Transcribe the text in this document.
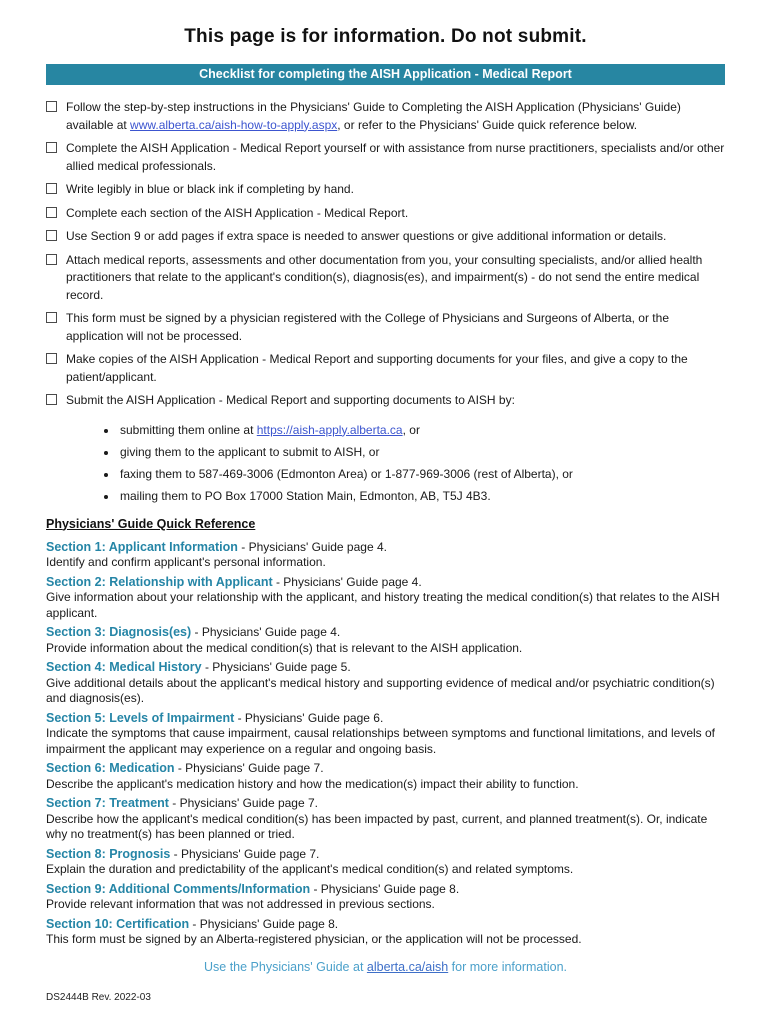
This page is for information. Do not submit.
Checklist for completing the AISH Application - Medical Report
Follow the step-by-step instructions in the Physicians' Guide to Completing the AISH Application (Physicians' Guide) available at www.alberta.ca/aish-how-to-apply.aspx, or refer to the Physicians' Guide quick reference below.
Complete the AISH Application - Medical Report yourself or with assistance from nurse practitioners, specialists and/or other allied medical professionals.
Write legibly in blue or black ink if completing by hand.
Complete each section of the AISH Application - Medical Report.
Use Section 9 or add pages if extra space is needed to answer questions or give additional information or details.
Attach medical reports, assessments and other documentation from you, your consulting specialists, and/or allied health practitioners that relate to the applicant's condition(s), diagnosis(es), and impairment(s) - do not send the entire medical record.
This form must be signed by a physician registered with the College of Physicians and Surgeons of Alberta, or the application will not be processed.
Make copies of the AISH Application - Medical Report and supporting documents for your files, and give a copy to the patient/applicant.
Submit the AISH Application - Medical Report and supporting documents to AISH by:
• submitting them online at https://aish-apply.alberta.ca, or
• giving them to the applicant to submit to AISH, or
• faxing them to 587-469-3006 (Edmonton Area) or 1-877-969-3006 (rest of Alberta), or
• mailing them to PO Box 17000 Station Main, Edmonton, AB, T5J 4B3.
Physicians' Guide Quick Reference
Section 1: Applicant Information - Physicians' Guide page 4.
Identify and confirm applicant's personal information.
Section 2: Relationship with Applicant - Physicians' Guide page 4.
Give information about your relationship with the applicant, and history treating the medical condition(s) that relates to the AISH applicant.
Section 3: Diagnosis(es) - Physicians' Guide page 4.
Provide information about the medical condition(s) that is relevant to the AISH application.
Section 4: Medical History - Physicians' Guide page 5.
Give additional details about the applicant's medical history and supporting evidence of medical and/or psychiatric condition(s) and diagnosis(es).
Section 5: Levels of Impairment - Physicians' Guide page 6.
Indicate the symptoms that cause impairment, causal relationships between symptoms and functional limitations, and levels of impairment the applicant may experience on a regular and ongoing basis.
Section 6: Medication - Physicians' Guide page 7.
Describe the applicant's medication history and how the medication(s) impact their ability to function.
Section 7: Treatment - Physicians' Guide page 7.
Describe how the applicant's medical condition(s) has been impacted by past, current, and planned treatment(s). Or, indicate why no treatment(s) has been planned or tried.
Section 8: Prognosis - Physicians' Guide page 7.
Explain the duration and predictability of the applicant's medical condition(s) and related symptoms.
Section 9: Additional Comments/Information - Physicians' Guide page 8.
Provide relevant information that was not addressed in previous sections.
Section 10: Certification - Physicians' Guide page 8.
This form must be signed by an Alberta-registered physician, or the application will not be processed.
Use the Physicians' Guide at alberta.ca/aish for more information.
DS2444B Rev. 2022-03
